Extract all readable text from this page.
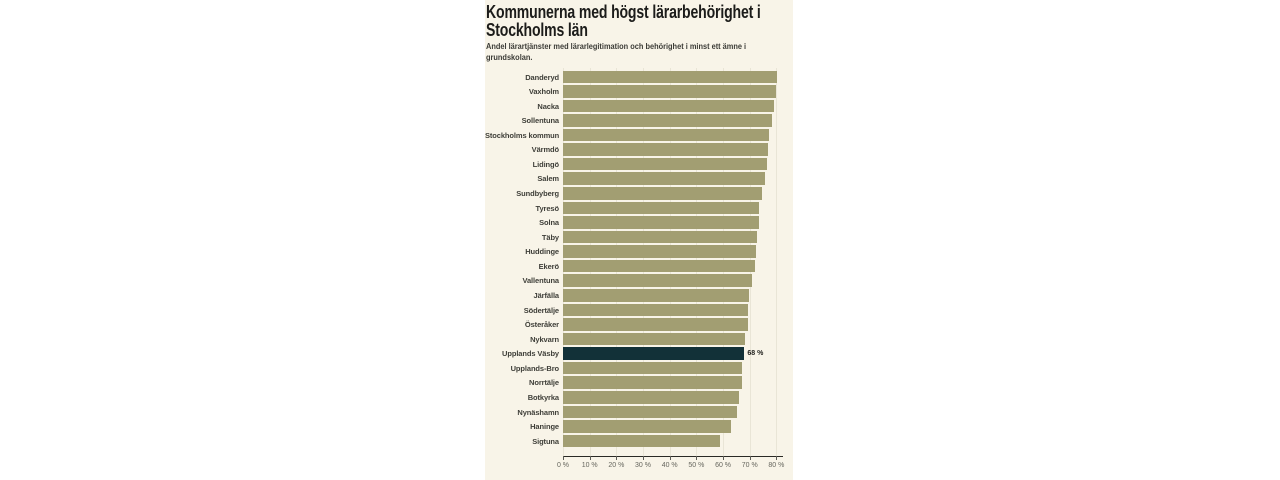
Kommunerna med högst lärarbehörighet i
Stockholms län
Andel lärartjänster med lärarlegitimation och behörighet i minst ett ämne i
grundskolan.
0 % 10 % 20 % 30 % 40 % 50 % 60 % 70 % 80 %
Danderyd
Vaxholm
Nacka
Sollentuna
Stockholms kommun
Värmdö
Lidingö
Salem
Sundbyberg
Tyresö
Solna
Täby
Huddinge
Ekerö
Vallentuna
Järfälla
Södertälje
Österåker
Nykvarn
Upplands Väsby	68 %
Upplands-Bro
Norrtälje
Botkyrka
Nynäshamn
Haninge
Sigtuna
